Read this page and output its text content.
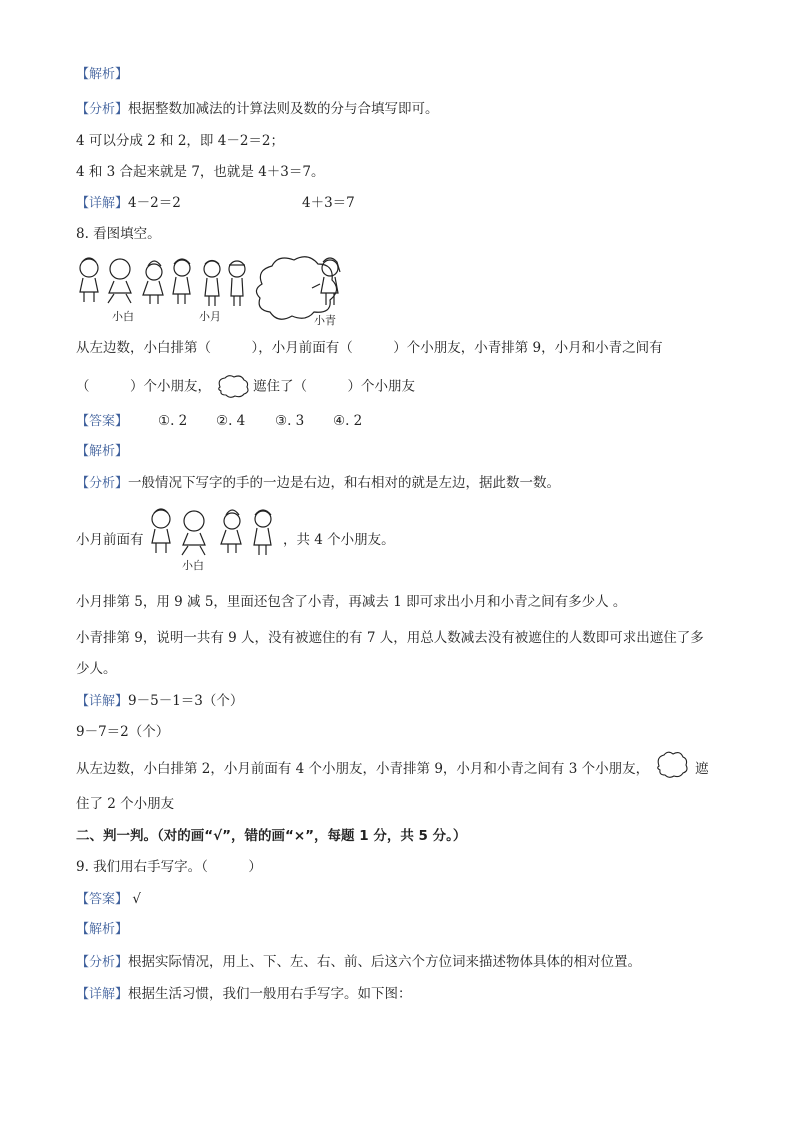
【解析】
【分析】根据整数加减法的计算法则及数的分与合填写即可。
4 可以分成 2 和 2，即 4－2＝2；
4 和 3 合起来就是 7，也就是 4＋3＝7。
【详解】4－2＝2	4＋3＝7
8. 看图填空。
小白	小月	小青
从左边数，小白排第（　　　），小月前面有（　　　）个小朋友，小青排第 9，小月和小青之间有
（　　　）个小朋友，	遮住了（　　　）个小朋友
【答案】 ①. 2 ②. 4 ③. 3 ④. 2
【解析】
【分析】一般情况下写字的手的一边是右边，和右相对的就是左边，据此数一数。
小月前面有
小白
，共 4 个小朋友。
小月排第 5，用 9 减 5，里面还包含了小青，再减去 1 即可求出小月和小青之间有多少人 。
小青排第 9，说明一共有 9 人，没有被遮住的有 7 人，用总人数减去没有被遮住的人数即可求出遮住了多
少人。
【详解】9－5－1＝3（个）
9－7＝2（个）
从左边数，小白排第 2，小月前面有 4 个小朋友，小青排第 9，小月和小青之间有 3 个小朋友，	遮
住了 2 个小朋友
二、判一判。（对的画“√”，错的画“×”，每题 1 分，共 5 分。）
9. 我们用右手写字。（　　　）
【答案】 √
【解析】
【分析】根据实际情况，用上、下、左、右、前、后这六个方位词来描述物体具体的相对位置。
【详解】根据生活习惯，我们一般用右手写字。如下图：
